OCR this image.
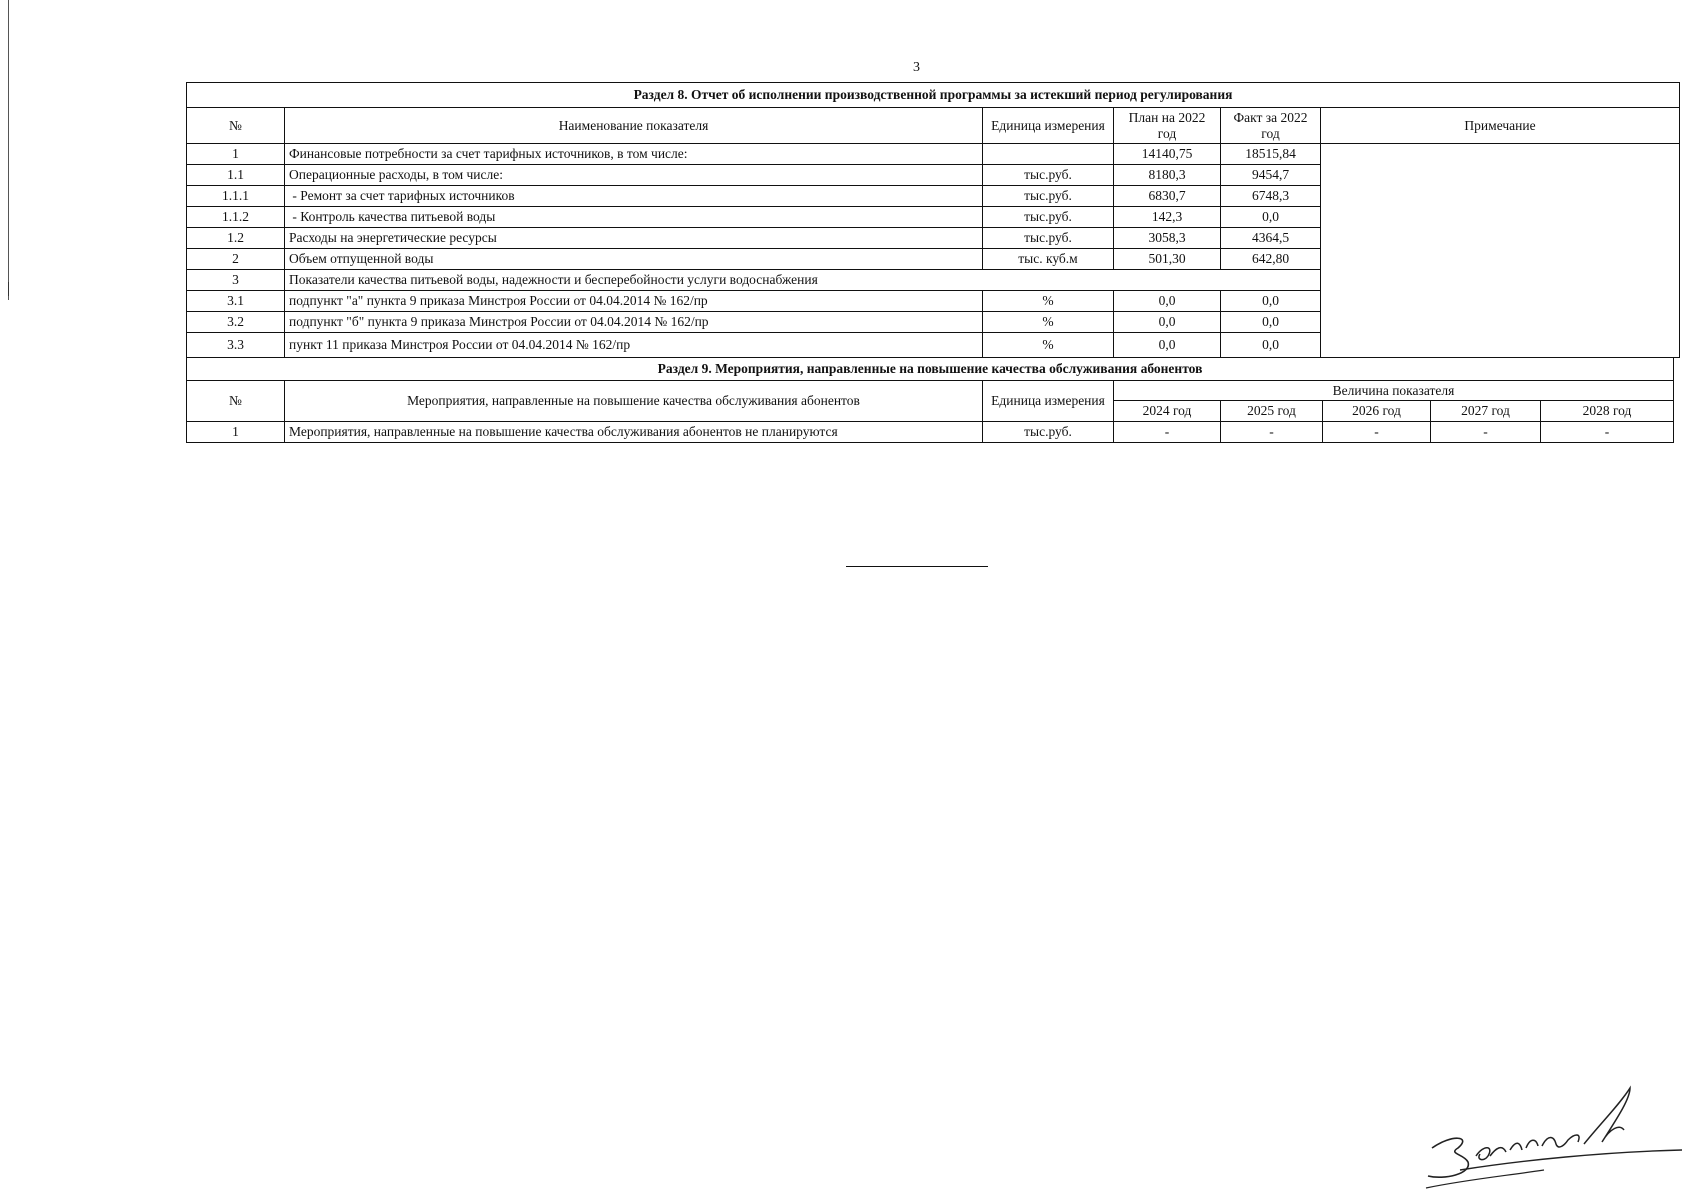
3
Раздел 8. Отчет об исполнении производственной программы за истекший период регулирования					
№	Наименование показателя	Единица измерения	План на 2022 год	Факт за 2022 год	Примечание
1	Финансовые потребности за счет тарифных источников, в том числе:		14140,75	18515,84	
1.1	Операционные расходы, в том числе:	тыс.руб.	8180,3	9454,7	
1.1.1	- Ремонт за счет тарифных источников	тыс.руб.	6830,7	6748,3	
1.1.2	- Контроль качества питьевой воды	тыс.руб.	142,3	0,0	
1.2	Расходы на энергетические ресурсы	тыс.руб.	3058,3	4364,5	
2	Объем отпущенной воды	тыс. куб.м	501,30	642,80	
3	Показатели качества питьевой воды, надежности и бесперебойности услуги водоснабжения				
3.1	подпункт "а" пункта 9 приказа Минстроя России от 04.04.2014 № 162/пр	%	0,0	0,0	
3.2	подпункт "б" пункта 9 приказа Минстроя России от 04.04.2014 № 162/пр	%	0,0	0,0	
3.3	пункт 11 приказа Минстроя России от 04.04.2014 № 162/пр	%	0,0	0,0	
Раздел 9. Мероприятия, направленные на повышение качества обслуживания абонентов							
№	Мероприятия, направленные на повышение качества обслуживания абонентов	Единица измерения	Величина показателя				
			2024 год	2025 год	2026 год	2027 год	2028 год
1	Мероприятия, направленные на повышение качества обслуживания абонентов не планируются	тыс.руб.	-	-	-	-	-
